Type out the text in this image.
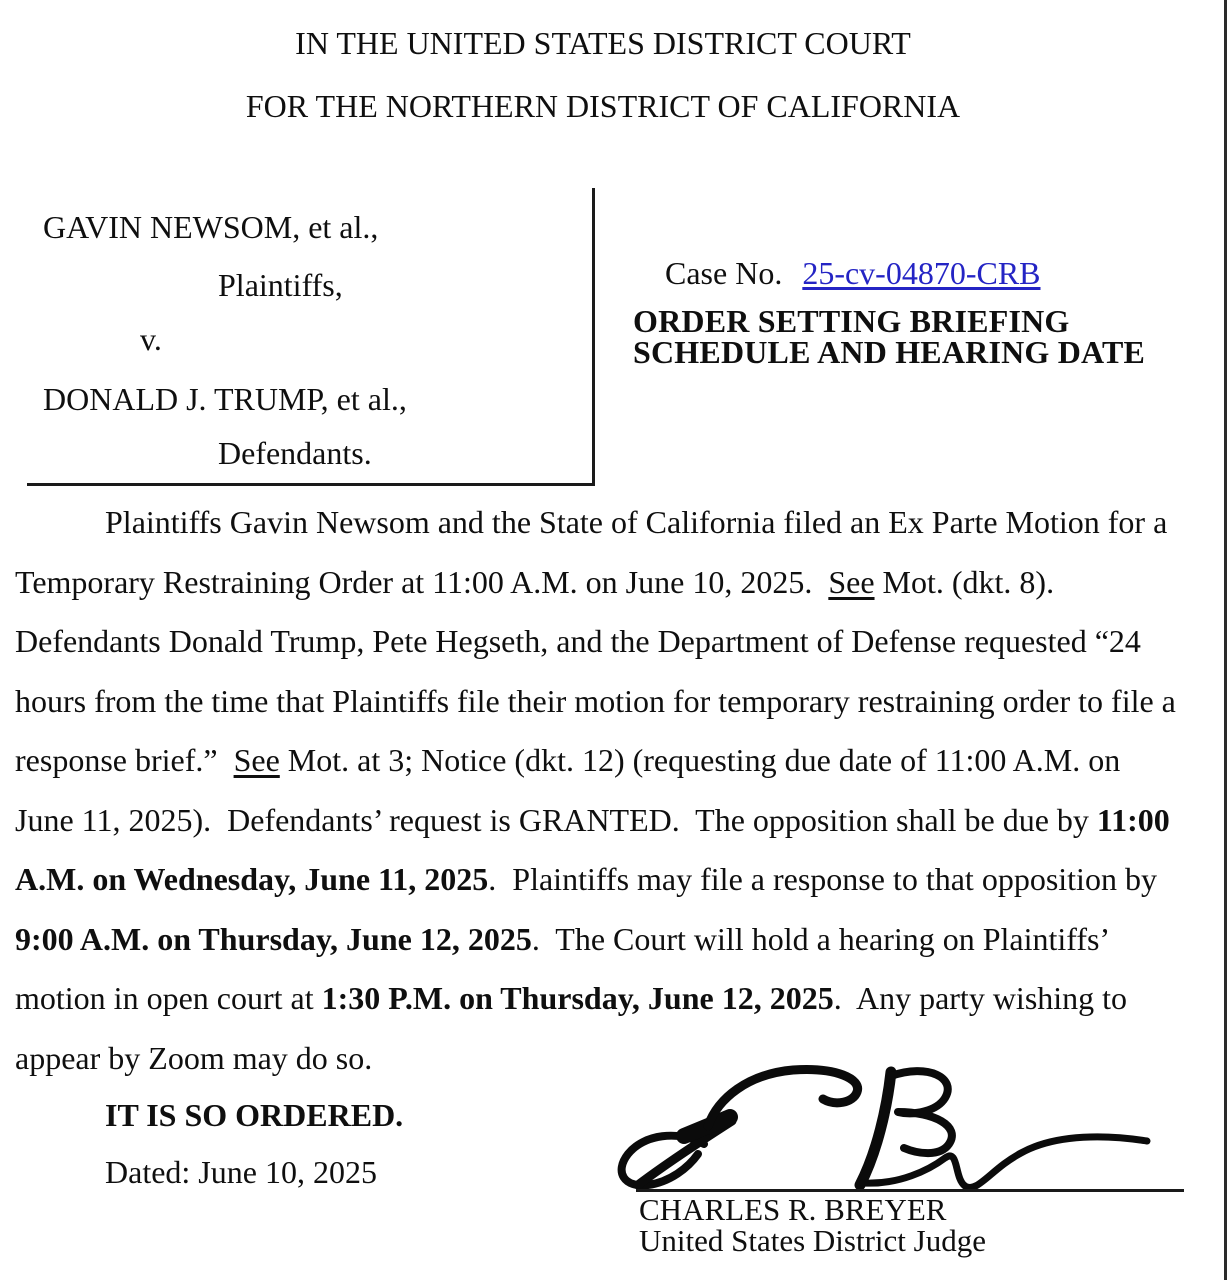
IN THE UNITED STATES DISTRICT COURT
FOR THE NORTHERN DISTRICT OF CALIFORNIA
GAVIN NEWSOM, et al.,
Plaintiffs,
v.
DONALD J. TRUMP, et al.,
Defendants.

Case No. 25-cv-04870-CRB

ORDER SETTING BRIEFING
SCHEDULE AND HEARING DATE
Plaintiffs Gavin Newsom and the State of California filed an Ex Parte Motion for a
Temporary Restraining Order at 11:00 A.M. on June 10, 2025.  See Mot. (dkt. 8).
Defendants Donald Trump, Pete Hegseth, and the Department of Defense requested “24
hours from the time that Plaintiffs file their motion for temporary restraining order to file a
response brief.”  See Mot. at 3; Notice (dkt. 12) (requesting due date of 11:00 A.M. on
June 11, 2025).  Defendants’ request is GRANTED.  The opposition shall be due by 11:00
A.M. on Wednesday, June 11, 2025.  Plaintiffs may file a response to that opposition by
9:00 A.M. on Thursday, June 12, 2025.  The Court will hold a hearing on Plaintiffs’
motion in open court at 1:30 P.M. on Thursday, June 12, 2025.  Any party wishing to
appear by Zoom may do so.
IT IS SO ORDERED.
Dated: June 10, 2025
CHARLES R. BREYER
United States District Judge
